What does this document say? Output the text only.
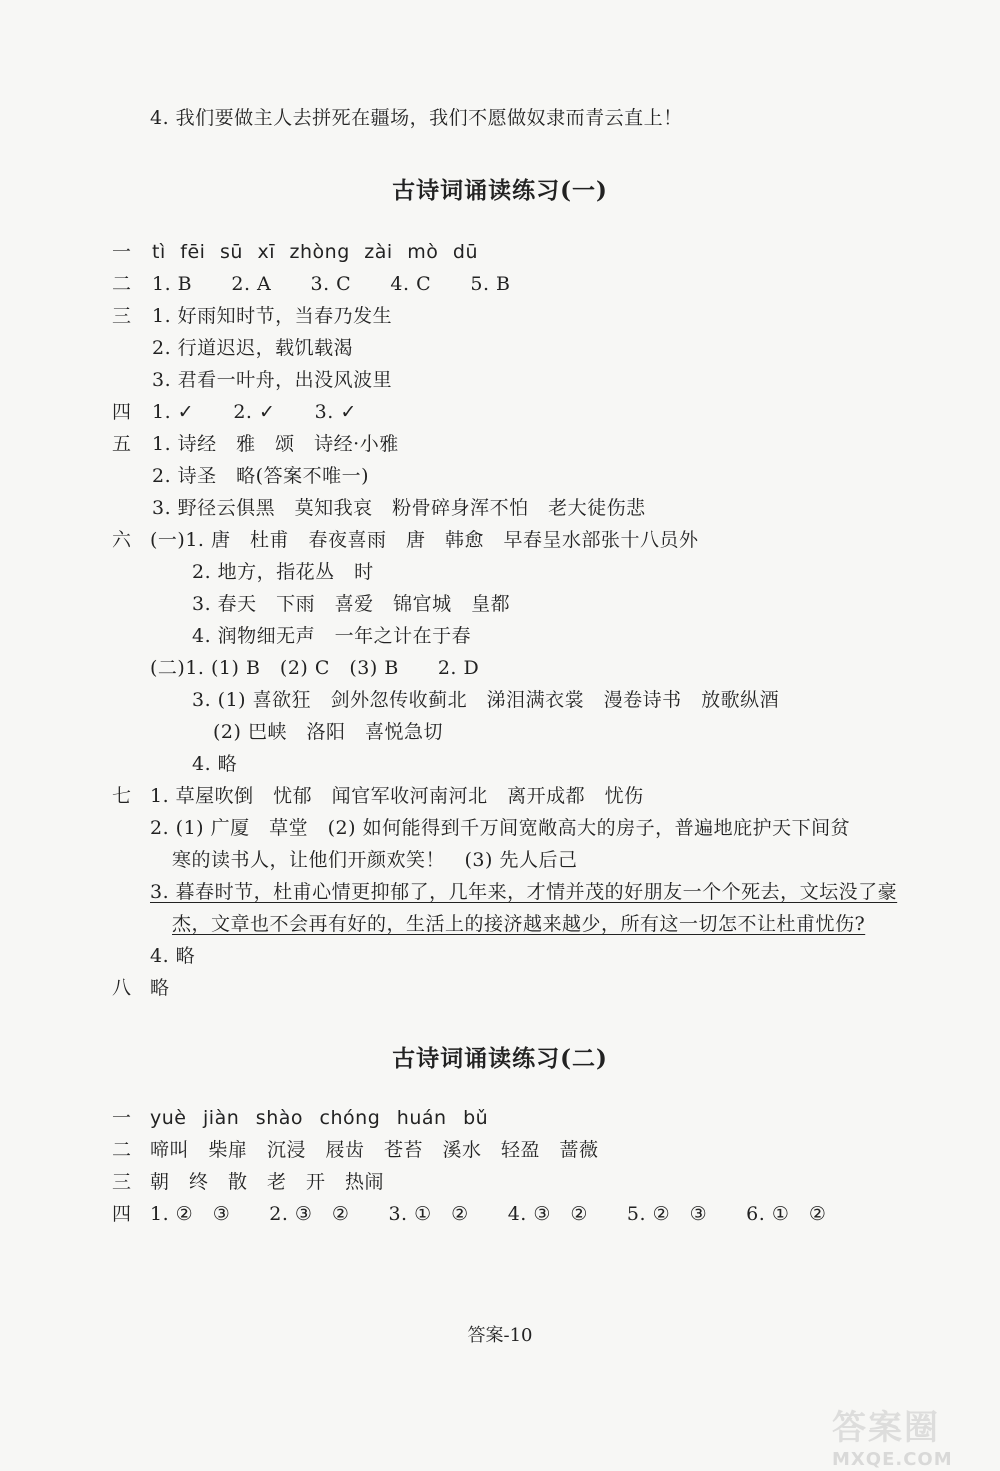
4. 我们要做主人去拼死在疆场，我们不愿做奴隶而青云直上！
古诗词诵读练习(一)
一 tì fēi sū xī zhòng zài mò dū
二 1. B      2. A      3. C      4. C      5. B
三 1. 好雨知时节，当春乃发生
2. 行道迟迟，载饥载渴
3. 君看一叶舟，出没风波里
四 1. ✓      2. ✓      3. ✓
五 1. 诗经　雅　颂　诗经·小雅
2. 诗圣　略(答案不唯一)
3. 野径云俱黑　莫知我哀　粉骨碎身浑不怕　老大徒伤悲
六 (一)1. 唐　杜甫　春夜喜雨　唐　韩愈　早春呈水部张十八员外
2. 地方，指花丛　时
3. 春天　下雨　喜爱　锦官城　皇都
4. 润物细无声　一年之计在于春
(二)1. (1) B　(2) C　(3) B　　2. D
3. (1) 喜欲狂　剑外忽传收蓟北　涕泪满衣裳　漫卷诗书　放歌纵酒
(2) 巴峡　洛阳　喜悦急切
4. 略
七 1. 草屋吹倒　忧郁　闻官军收河南河北　离开成都　忧伤
2. (1) 广厦　草堂　(2) 如何能得到千万间宽敞高大的房子，普遍地庇护天下间贫
寒的读书人，让他们开颜欢笑！　(3) 先人后己
3. 暮春时节，杜甫心情更抑郁了，几年来，才情并茂的好朋友一个个死去，文坛没了豪
杰，文章也不会再有好的，生活上的接济越来越少，所有这一切怎不让杜甫忧伤?
4. 略
八 略
古诗词诵读练习(二)
一 yuè jiàn shào chóng huán bǔ
二 啼叫　柴扉　沉浸　屐齿　苍苔　溪水　轻盈　蔷薇
三 朝　终　散　老　开　热闹
四 1. ②　③　　2. ③　②　　3. ①　②　　4. ③　②　　5. ②　③　　6. ①　②
答案-10
答案圈
MXQE.COM
